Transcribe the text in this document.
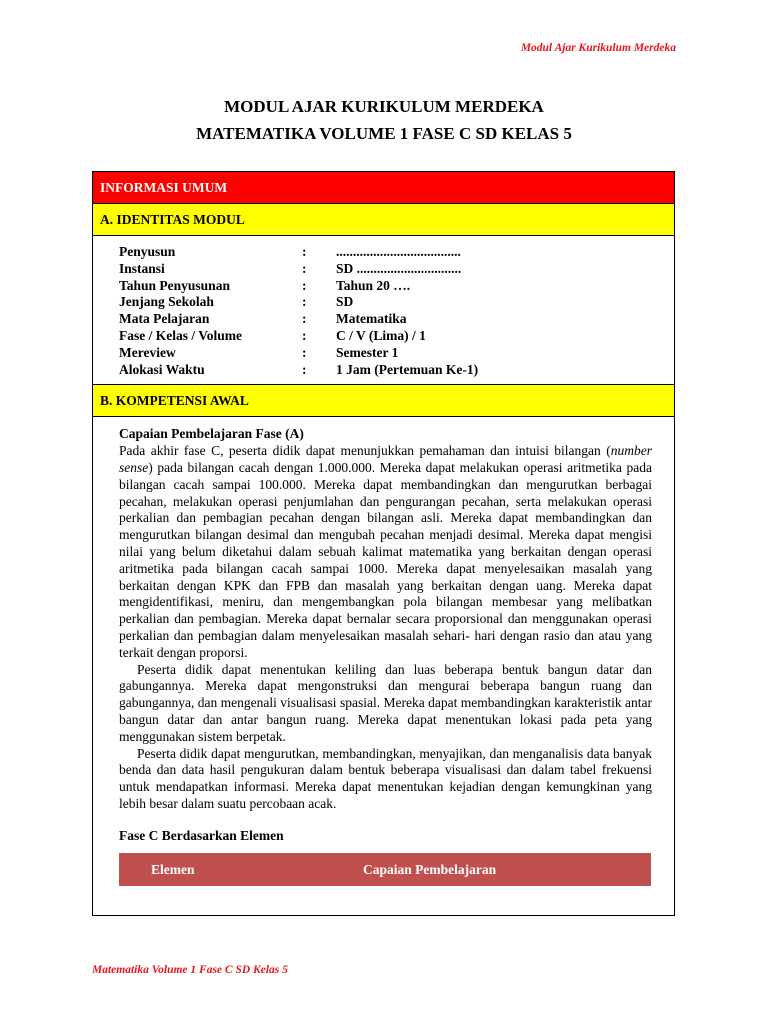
Modul Ajar Kurikulum Merdeka
MODUL AJAR KURIKULUM MERDEKA
MATEMATIKA VOLUME 1 FASE C SD KELAS 5
INFORMASI UMUM
A. IDENTITAS MODUL
Penyusun	:	.....................................
Instansi	:	SD ...............................
Tahun Penyusunan	:	Tahun 20 ….
Jenjang Sekolah	:	SD
Mata Pelajaran	:	Matematika
Fase / Kelas / Volume	:	C / V (Lima) / 1
Mereview	:	Semester 1
Alokasi Waktu	:	1 Jam (Pertemuan Ke-1)
B. KOMPETENSI AWAL
Capaian Pembelajaran Fase (A)

Pada akhir fase C, peserta didik dapat menunjukkan pemahaman dan intuisi bilangan (number sense) pada bilangan cacah dengan 1.000.000. Mereka dapat melakukan operasi aritmetika pada bilangan cacah sampai 100.000. Mereka dapat membandingkan dan mengurutkan berbagai pecahan, melakukan operasi penjumlahan dan pengurangan pecahan, serta melakukan operasi perkalian dan pembagian pecahan dengan bilangan asli. Mereka dapat membandingkan dan mengurutkan bilangan desimal dan mengubah pecahan menjadi desimal. Mereka dapat mengisi nilai yang belum diketahui dalam sebuah kalimat matematika yang berkaitan dengan operasi aritmetika pada bilangan cacah sampai 1000. Mereka dapat menyelesaikan masalah yang berkaitan dengan KPK dan FPB dan masalah yang berkaitan dengan uang. Mereka dapat mengidentifikasi, meniru, dan mengembangkan pola bilangan membesar yang melibatkan perkalian dan pembagian. Mereka dapat bernalar secara proporsional dan menggunakan operasi perkalian dan pembagian dalam menyelesaikan masalah sehari- hari dengan rasio dan atau yang terkait dengan proporsi.

Peserta didik dapat menentukan keliling dan luas beberapa bentuk bangun datar dan gabungannya. Mereka dapat mengonstruksi dan mengurai beberapa bangun ruang dan gabungannya, dan mengenali visualisasi spasial. Mereka dapat membandingkan karakteristik antar bangun datar dan antar bangun ruang. Mereka dapat menentukan lokasi pada peta yang menggunakan sistem berpetak.

Peserta didik dapat mengurutkan, membandingkan, menyajikan, dan menganalisis data banyak benda dan data hasil pengukuran dalam bentuk beberapa visualisasi dan dalam tabel frekuensi untuk mendapatkan informasi. Mereka dapat menentukan kejadian dengan kemungkinan yang lebih besar dalam suatu percobaan acak.

Fase C Berdasarkan Elemen
Elemen	Capaian Pembelajaran
Matematika Volume 1 Fase C SD Kelas 5
